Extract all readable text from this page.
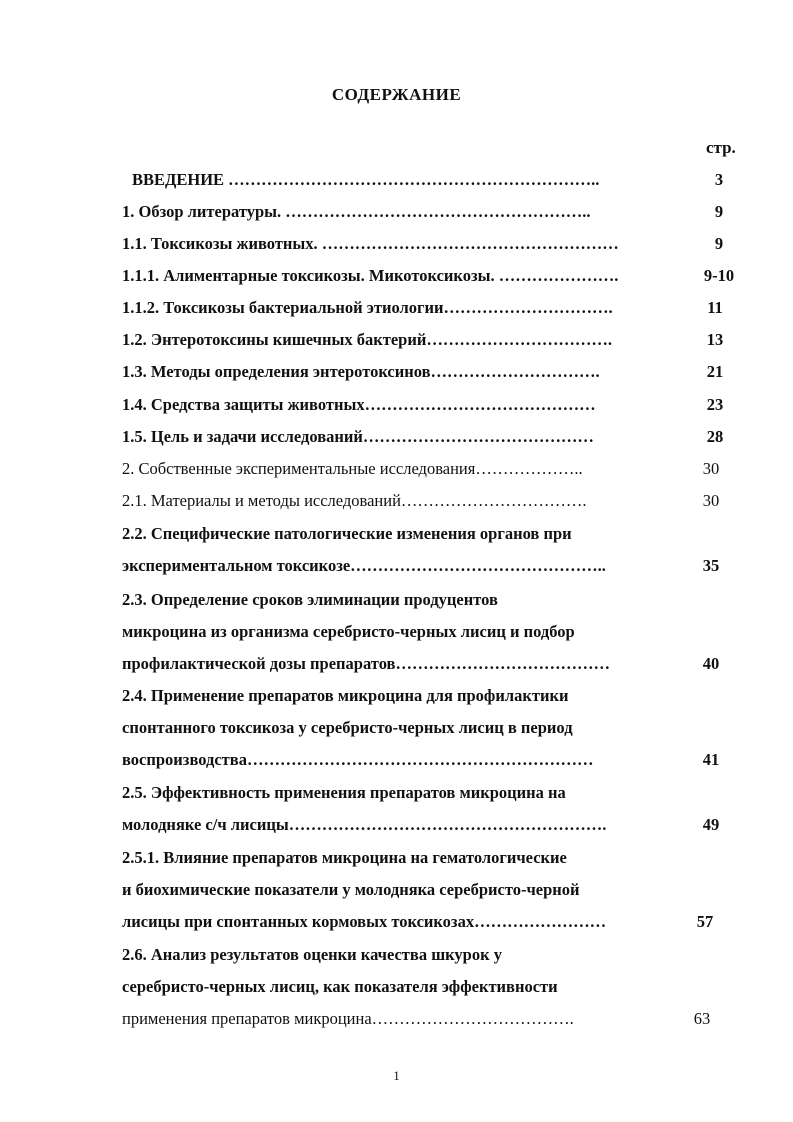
СОДЕРЖАНИЕ
стр.
ВВЕДЕНИЕ …………………………………………………………..	3
1. Обзор литературы. ………………………………………………..	9
1.1. Токсикозы животных. ………………………………………………	9
1.1.1. Алиментарные токсикозы. Микотоксикозы. ………………….	9-10
1.1.2. Токсикозы бактериальной этиологии………………………….	11
1.2. Энтеротоксины кишечных бактерий…………………………….	13
1.3. Методы определения энтеротоксинов………………………….	21
1.4. Средства защиты животных……………………………………	23
1.5. Цель и задачи исследований……………………………………	28
2. Собственные экспериментальные исследования………………..	30
2.1. Материалы и методы исследований…………………………….	30
2.2. Специфические патологические изменения органов при
экспериментальном токсикозе………………………………………..	35
2.3. Определение сроков элиминации продуцентов
микроцина из организма серебристо-черных лисиц и подбор
профилактической дозы препаратов…………………………………	40
2.4. Применение препаратов микроцина для профилактики
спонтанного токсикоза у серебристо-черных лисиц в период
воспроизводства………………………………………………………	41
2.5. Эффективность применения препаратов микроцина на
молодняке с/ч лисицы………………………………………………….	49
2.5.1. Влияние препаратов микроцина на гематологические
и биохимические показатели у молодняка серебристо-черной
лисицы при спонтанных кормовых токсикозах……………………	57
2.6. Анализ результатов оценки качества шкурок у
серебристо-черных лисиц, как показателя эффективности
применения препаратов микроцина……………………………….	63
1
